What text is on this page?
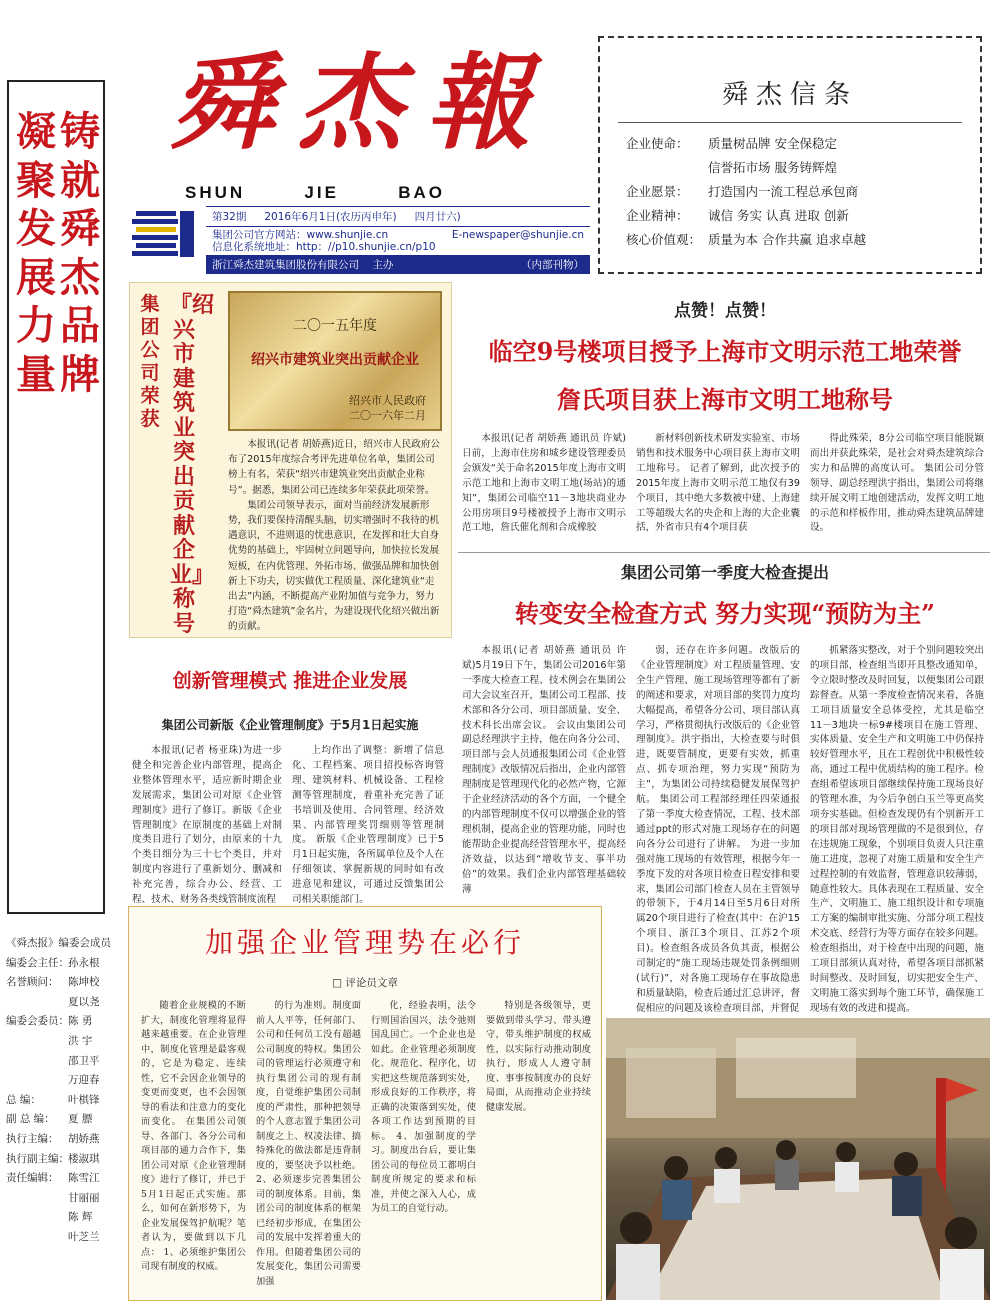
凝聚发展力量
铸就舜杰品牌
《舜杰报》编委会成员
编委会主任： 孙永根
名誉顾问： 陈坤校
夏以尧
编委会委员： 陈 勇
洪 宇
邵卫平
万迎春
总 编：	叶棋锋
副 总 编：	夏 膘
执行主编： 胡娇燕
执行副主编： 楼淑琪
责任编辑： 陈雪江
甘丽丽
陈 辉
叶芝兰
舜杰報
SHUN	JIE	BAO
第32期 2016年6月1日(农历丙申年) 四月廿六)
集团公司官方网站：www.shunjie.cn	E-newspaper@shunjie.cn
信息化系统地址：http：//p10.shunjie.cn/p10
浙江舜杰建筑集团股份有限公司 主办	（内部刊物）
舜杰信条
企业使命：	质量树品牌 安全保稳定
信誉拓市场 服务铸辉煌
企业愿景：	打造国内一流工程总承包商
企业精神：	诚信 务实 认真 进取 创新
核心价值观： 质量为本 合作共赢 追求卓越
集团公司荣获
『绍兴市建筑业突出贡献企业』称号
二〇一五年度
绍兴市建筑业突出贡献企业
绍兴市人民政府
二〇一六年二月
本报讯(记者 胡娇燕)近日，绍兴市人民政府公布了2015年度综合考评先进单位名单，集团公司榜上有名，荣获“绍兴市建筑业突出贡献企业称号”。据悉，集团公司已连续多年荣获此项荣誉。
集团公司领导表示，面对当前经济发展新形势，我们要保持清醒头脑，切实增强时不我待的机遇意识，不进则退的忧患意识，在发挥和壮大自身优势的基础上，牢固树立问题导向，加快拉长发展短板，在内优管理、外拓市场、做强品牌和加快创新上下功夫，切实做优工程质量、深化建筑业“走出去”内涵，不断提高产业附加值与竞争力，努力打造“舜杰建筑”金名片，为建设现代化绍兴做出新的贡献。
点赞！点赞！
临空9号楼项目授予上海市文明示范工地荣誉
詹氏项目获上海市文明工地称号

本报讯(记者 胡娇燕 通讯员 许斌)日前，上海市住房和城乡建设管理委员会颁发“关于命名2015年度上海市文明示范工地和上海市文明工地(场站)的通知”，集团公司临空11－3地块商业办公用房项目9号楼被授予上海市文明示范工地，詹氏催化剂和合成橡胶

新材料创新技术研发实验室、市场销售和技术服务中心项目获上海市文明工地称号。 记者了解到，此次授予的2015年度上海市文明示范工地仅有39个项目，其中绝大多数被中建、上海建工等超级大名的央企和上海的大企业囊括，外省市只有4个项目获

得此殊荣，8分公司临空项目能脱颖而出并获此殊荣，是社会对舜杰建筑综合实力和品牌的高度认可。 集团公司分管领导、副总经理洪宇指出，集团公司将继续开展文明工地创建活动，发挥文明工地的示范和样板作用，推动舜杰建筑品牌建设。

集团公司第一季度大检查提出
转变安全检查方式 努力实现“预防为主”

本报讯(记者 胡娇燕 通讯员 许斌)5月19日下午，集团公司2016年第一季度大检查工程、技术例会在集团公司大会议室召开，集团公司工程部、技术部和各分公司、项目部质量、安全、技术科长出席会议。 会议由集团公司副总经理洪宇主持，他在向各分公司、项目部与会人员通报集团公司《企业管理制度》改版情况后指出，企业内部管理制度是管理现代化的必然产物，它源于企业经济活动的各个方面，一个健全的内部管理制度不仅可以增强企业的管理机制，提高企业的管理功能，同时也能帮助企业提高经营管理水平，提高经济效益，以达到“增收节支、事半功倍”的效果。我们企业内部管理基础较薄

弱，还存在许多问题。改版后的《企业管理制度》对工程质量管理、安全生产管理、施工现场管理等都有了新的阐述和要求，对项目部的奖罚力度均大幅提高，希望各分公司、项目部认真学习，严格贯彻执行改版后的《企业管理制度》。洪宇指出，大检查要与时俱进，既要管制度，更要有实效，抓重点、抓专项治理，努力实现“预防为主”，为集团公司持续稳健发展保驾护航。 集团公司工程部经理任四荣通报了第一季度大检查情况，工程、技术部通过ppt的形式对施工现场存在的问题向各分公司进行了讲解。 为进一步加强对施工现场的有效管理，根据今年一季度下发的对各项目检查日程安排和要求，集团公司部门检查人员在主管领导的带领下，于4月14日至5月6日对所属20个项目进行了检查(其中：在沪15个项目、浙江3个项目、江苏2个项目)。检查组各成员各负其责，根据公司制定的“施工现场违规处罚条例细则(试行)”，对各施工现场存在事故隐患和质量缺陷，检查后通过汇总讲评，督促相应的问题及该检查项目部，并督促

抓紧落实整改，对于个别问题较突出的项目部，检查组当即开具整改通知单，令立限时整改及时回复，以便集团公司跟踪督查。从第一季度检查情况来看，各施工项目质量安全总体受控，尤其是临空11－3地块一标9#楼项目在施工管理、实体质量、安全生产和文明施工中仍保持较好管理水平，且在工程创优中积极性较高，通过工程中优质结构的施工程序。检查组希望该项目部继续保持施工现场良好的管理水准，为今后争创白玉兰等更高奖项夯实基础。但检查发现仍有个别新开工的项目部对现场管理做的不是很到位，存在违规施工现象，个别项目负责人只注重施工进度，忽视了对施工质量和安全生产过程控制的有效监督，管理意识较薄弱，随意性较大。具体表现在工程质量、安全生产、文明施工、施工组织设计和专项施工方案的编制审批实施、分部分项工程技术交底、经营行为等方面存在较多问题。检查组指出，对于检查中出现的问题，施工项目部须认真对待，希望各项目部抓紧时间整改、及时回复，切实把安全生产、文明施工落实到每个施工环节，确保施工现场有效的改进和提高。

创新管理模式 推进企业发展
集团公司新版《企业管理制度》于5月1日起实施

本报讯(记者 杨亚珠)为进一步健全和完善企业内部管理，提高企业整体管理水平，适应新时期企业发展需求，集团公司对原《企业管理制度》进行了修订。新版《企业管理制度》在原制度的基础上对制度类目进行了划分，由原来的十九个类目细分为三十七个类目，并对制度内容进行了重新划分、删减和补充完善，综合办公、经营、工程、技术、财务各类线管制度流程

上均作出了调整：新增了信息化、工程档案、项目招投标咨询管理、建筑材料、机械设备、工程检测等管理制度，着重补充完善了证书培训及使用、合同管理、经济效果、内部管理奖罚细则等管理制度。 新版《企业管理制度》已于5月1日起实施，各所属单位及个人在仔细领读、掌握新规的同时如有改进意见和建议，可通过反馈集团公司相关职能部门。

加强企业管理势在必行
□ 评论员文章

随着企业规模的不断扩大，制度化管理将显得越来越重要。在企业管理中，制度化管理是最客观的，它是为稳定、连续性，它不会因企业领导的变更而变更，也不会因领导的看法和注意力的变化而变化。 在集团公司领导、各部门、各分公司和项目部的通力合作下，集团公司对原《企业管理制度》进行了修订，并已于5月1日起正式实施。那么，如何在新形势下，为企业发展保驾护航呢？笔者认为，要做到以下几点： 1、必须维护集团公司现有制度的权威。

的行为准则。制度面前人人平等，任何部门、公司和任何员工没有超越公司制度的特权。集团公司的管理运行必须遵守和执行集团公司的现有制度，自觉维护集团公司制度的严肃性，那种把领导的个人意志置于集团公司制度之上、权凌法律、搞特殊化的做法都是违背制度的，要坚决予以杜绝。 2、必须逐步完善集团公司的制度体系。目前，集团公司的制度体系的框架已经初步形成，在集团公司的发展中发挥着重大的作用。但随着集团公司的发展变化，集团公司需要加强

化，经验表明，法令行则国治国兴，法令弛则国乱国亡。一个企业也是如此。企业管理必须制度化、规范化、程序化，切实把这些规范落到实处，形成良好的工作秩序，将正确的决策落到实处，使各项工作达到预期的目标。 4、加强制度的学习。制度出台后，要让集团公司的每位员工都明白制度所规定的要求和标准，并使之深入人心，成为员工的自觉行动。

特别是各级领导，更要做到带头学习、带头遵守，带头维护制度的权威性，以实际行动推动制度执行，形成人人遵守制度、事事按制度办的良好局面，从而推动企业持续健康发展。
